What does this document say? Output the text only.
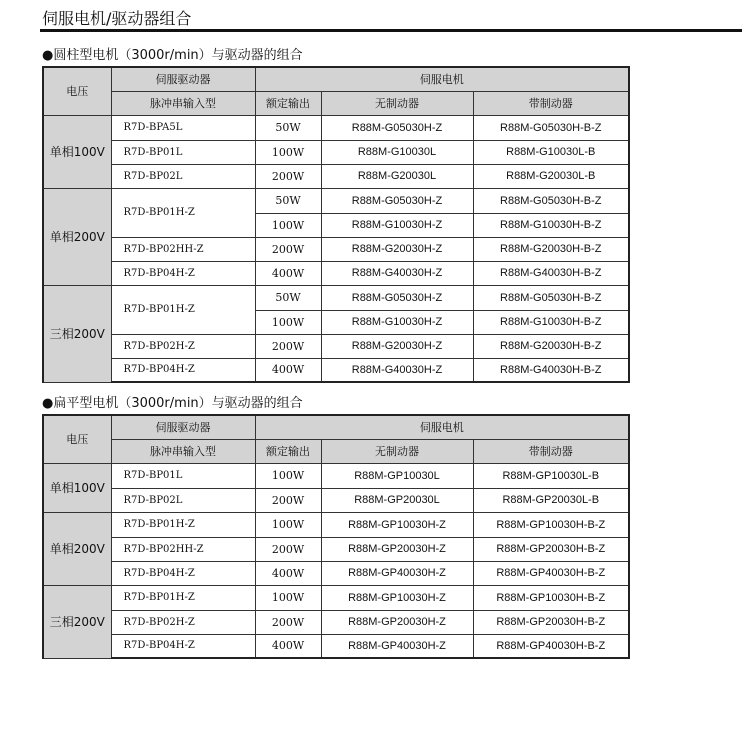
伺服电机/驱动器组合
●圆柱型电机（3000r/min）与驱动器的组合
电压	伺服驱动器	伺服电机		
	脉冲串输入型	额定输出	无制动器	带制动器
单相100V	R7D-BPA5L	50W	R88M-G05030H-Z	R88M-G05030H-B-Z
	R7D-BP01L	100W	R88M-G10030L	R88M-G10030L-B
	R7D-BP02L	200W	R88M-G20030L	R88M-G20030L-B
单相200V	R7D-BP01H-Z	50W	R88M-G05030H-Z	R88M-G05030H-B-Z
		100W	R88M-G10030H-Z	R88M-G10030H-B-Z
	R7D-BP02HH-Z	200W	R88M-G20030H-Z	R88M-G20030H-B-Z
	R7D-BP04H-Z	400W	R88M-G40030H-Z	R88M-G40030H-B-Z
三相200V	R7D-BP01H-Z	50W	R88M-G05030H-Z	R88M-G05030H-B-Z
		100W	R88M-G10030H-Z	R88M-G10030H-B-Z
	R7D-BP02H-Z	200W	R88M-G20030H-Z	R88M-G20030H-B-Z
	R7D-BP04H-Z	400W	R88M-G40030H-Z	R88M-G40030H-B-Z
●扁平型电机（3000r/min）与驱动器的组合
电压	伺服驱动器	伺服电机		
	脉冲串输入型	额定输出	无制动器	带制动器
单相100V	R7D-BP01L	100W	R88M-GP10030L	R88M-GP10030L-B
	R7D-BP02L	200W	R88M-GP20030L	R88M-GP20030L-B
单相200V	R7D-BP01H-Z	100W	R88M-GP10030H-Z	R88M-GP10030H-B-Z
	R7D-BP02HH-Z	200W	R88M-GP20030H-Z	R88M-GP20030H-B-Z
	R7D-BP04H-Z	400W	R88M-GP40030H-Z	R88M-GP40030H-B-Z
三相200V	R7D-BP01H-Z	100W	R88M-GP10030H-Z	R88M-GP10030H-B-Z
	R7D-BP02H-Z	200W	R88M-GP20030H-Z	R88M-GP20030H-B-Z
	R7D-BP04H-Z	400W	R88M-GP40030H-Z	R88M-GP40030H-B-Z
